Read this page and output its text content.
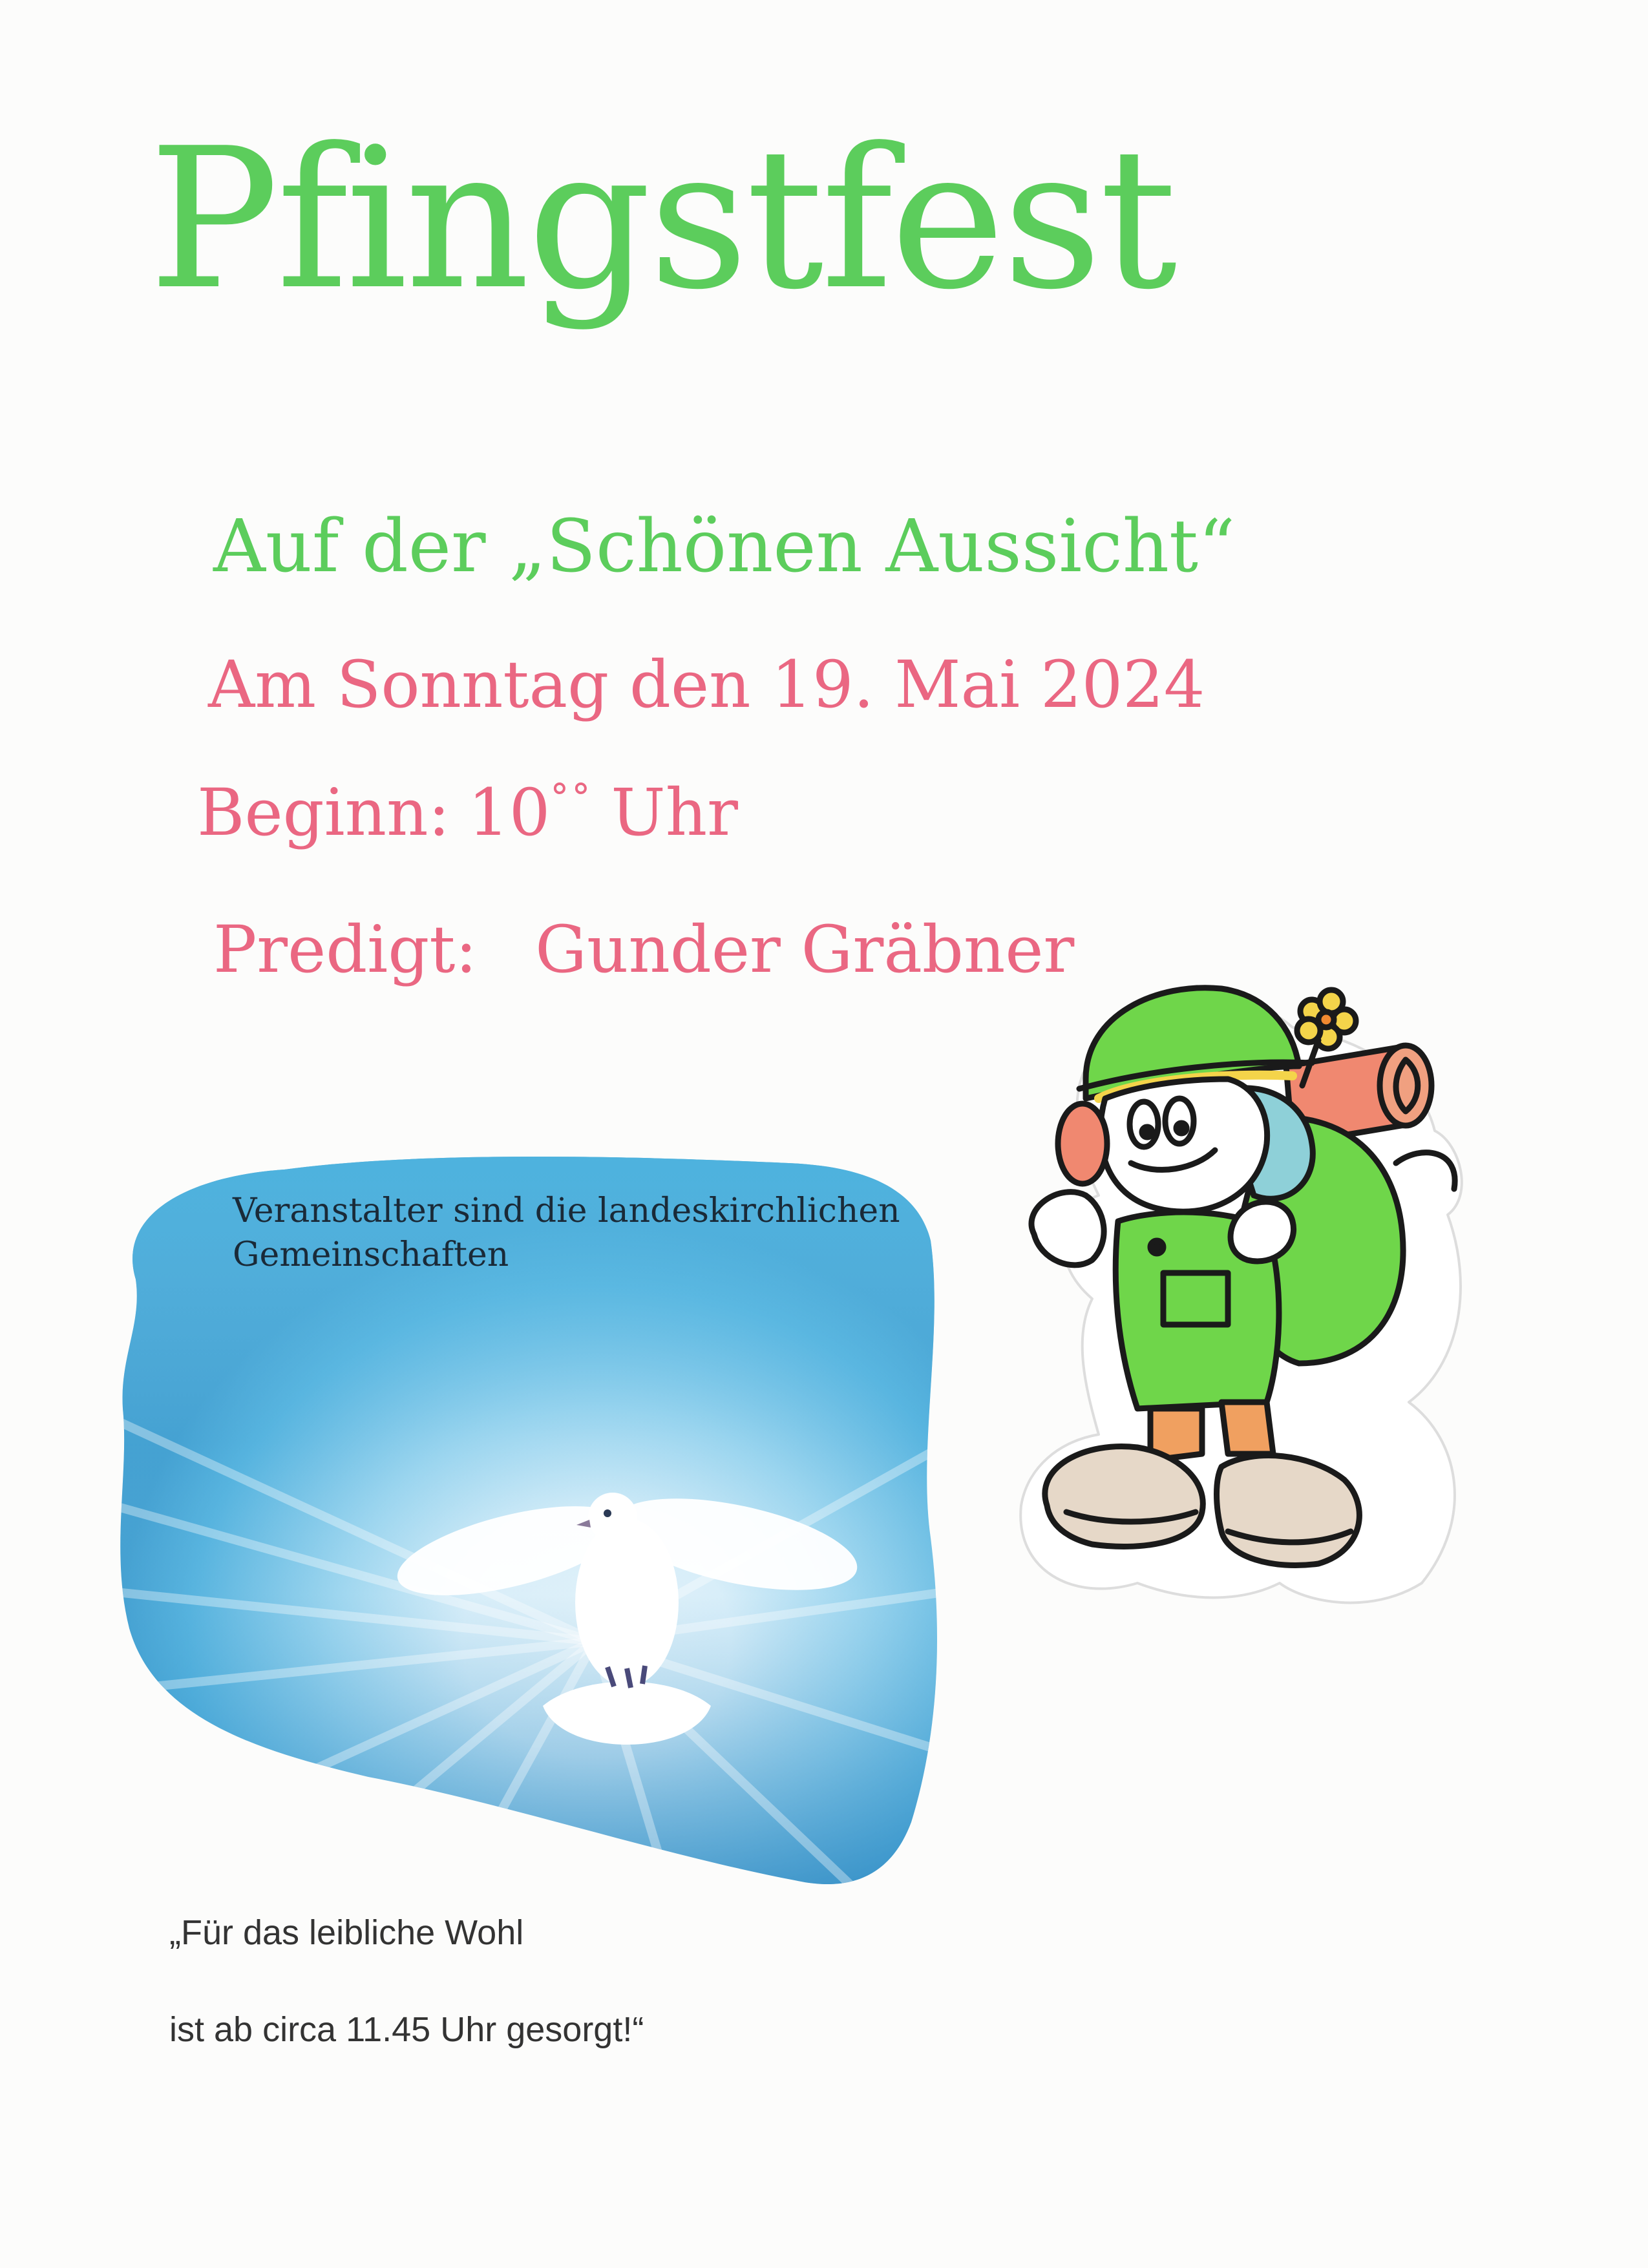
Pfingstfest
Auf der „Schönen Aussicht“
Am Sonntag den 19. Mai 2024
Beginn: 10°° Uhr
Predigt: Gunder Gräbner
Veranstalter sind die landeskirchlichen
Gemeinschaften
„Für das leibliche Wohl
ist ab circa 11.45 Uhr gesorgt!“
